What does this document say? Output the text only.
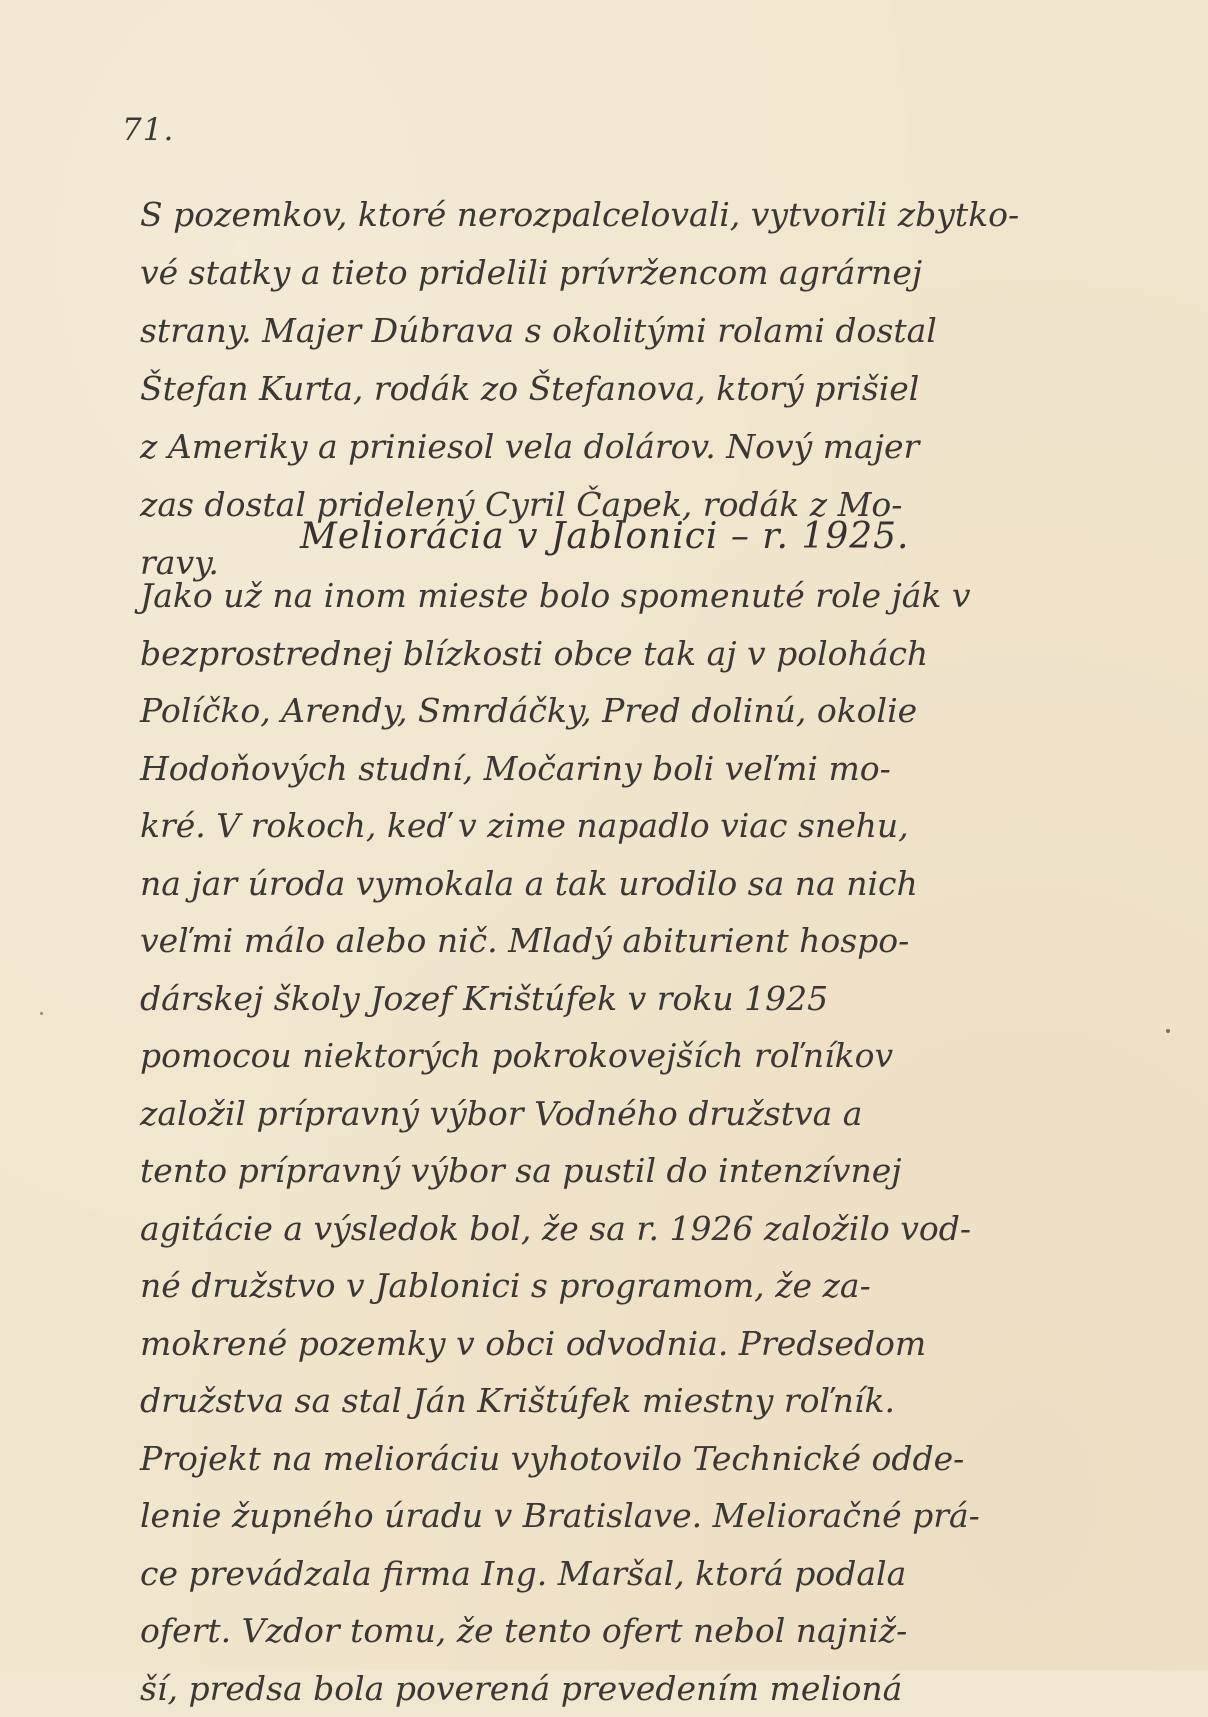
71.
S pozemkov, ktoré nerozpalcelovali, vytvorili zbytko-
vé statky a tieto pridelili prívržencom agrárnej
strany. Majer Dúbrava s okolitými rolami dostal
Štefan Kurta, rodák zo Štefanova, ktorý prišiel
z Ameriky a priniesol vela dolárov. Nový majer
zas dostal pridelený Cyril Čapek, rodák z Mo-
ravy.
Meliorácia v Jablonici – r. 1925.
Jako už na inom mieste bolo spomenuté role ják v
bezprostrednej blízkosti obce tak aj v polohách
Políčko, Arendy, Smrdáčky, Pred dolinú, okolie
Hodoňových studní, Močariny boli veľmi mo-
kré. V rokoch, keď v zime napadlo viac snehu,
na jar úroda vymokala a tak urodilo sa na nich
veľmi málo alebo nič. Mladý abiturient hospo-
dárskej školy Jozef Krištúfek v roku 1925
pomocou niektorých pokrokovejších roľníkov
založil prípravný výbor Vodného družstva a
tento prípravný výbor sa pustil do intenzívnej
agitácie a výsledok bol, že sa r. 1926 založilo vod-
né družstvo v Jablonici s programom, že za-
mokrené pozemky v obci odvodnia. Predsedom
družstva sa stal Ján Krištúfek miestny roľník.
Projekt na melioráciu vyhotovilo Technické odde-
lenie župného úradu v Bratislave. Melioračné prá-
ce prevádzala firma Ing. Maršal, ktorá podala
ofert. Vzdor tomu, že tento ofert nebol najniž-
ší, predsa bola poverená prevedením melioná
